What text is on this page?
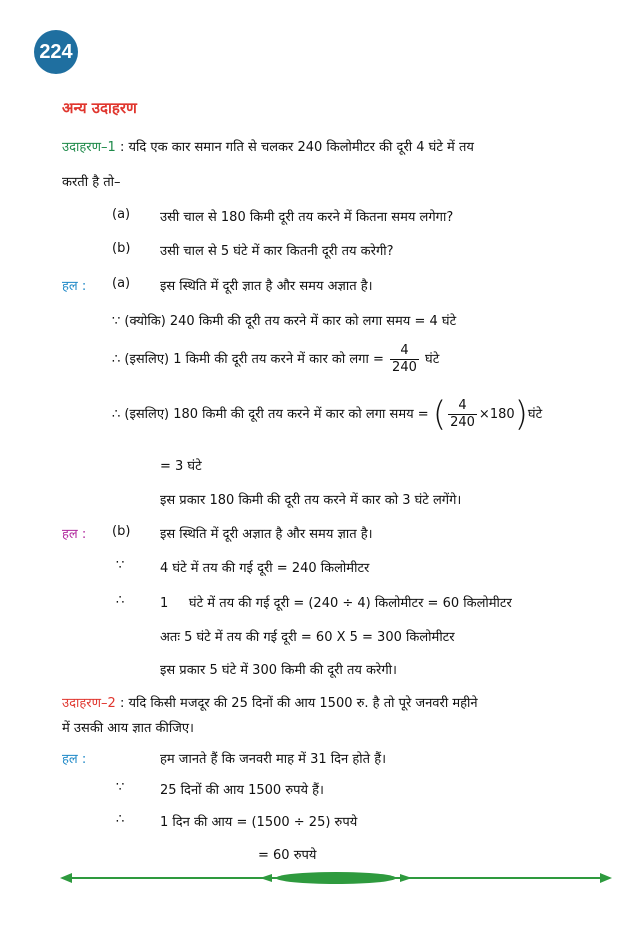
224
अन्य उदाहरण
उदाहरण–1 : यदि एक कार समान गति से चलकर 240 किलोमीटर की दूरी 4 घंटे में तय
करती है तो–
(a) उसी चाल से 180 किमी दूरी तय करने में कितना समय लगेगा?
(b) उसी चाल से 5 घंटे में कार कितनी दूरी तय करेगी?
हल : (a) इस स्थिति में दूरी ज्ञात है और समय अज्ञात है।
∵ (क्योकि) 240 किमी की दूरी तय करने में कार को लगा समय = 4 घंटे
∴ (इसलिए) 1 किमी की दूरी तय करने में कार को लगा = $\frac{4}{240}$ घंटे
∴ (इसलिए) 180 किमी की दूरी तय करने में कार को लगा समय = ( $\frac{4}{240}$ ×180)घंटे
= 3 घंटे
इस प्रकार 180 किमी की दूरी तय करने में कार को 3 घंटे लगेंगे।
हल : (b) इस स्थिति में दूरी अज्ञात है और समय ज्ञात है।
∵	4 घंटे में तय की गई दूरी = 240 किलोमीटर
∴	1     घंटे में तय की गई दूरी = (240 ÷ 4) किलोमीटर = 60 किलोमीटर
अतः 5 घंटे में तय की गई दूरी = 60 X 5 = 300 किलोमीटर
इस प्रकार 5 घंटे में 300 किमी की दूरी तय करेगी।
उदाहरण–2 : यदि किसी मजदूर की 25 दिनों की आय 1500 रु. है तो पूरे जनवरी महीने
में उसकी आय ज्ञात कीजिए।
हल :	हम जानते हैं कि जनवरी माह में 31 दिन होते हैं।
∵	25 दिनों की आय 1500 रुपये हैं।
∴	1 दिन की आय = (1500 ÷ 25) रुपये
= 60 रुपये
